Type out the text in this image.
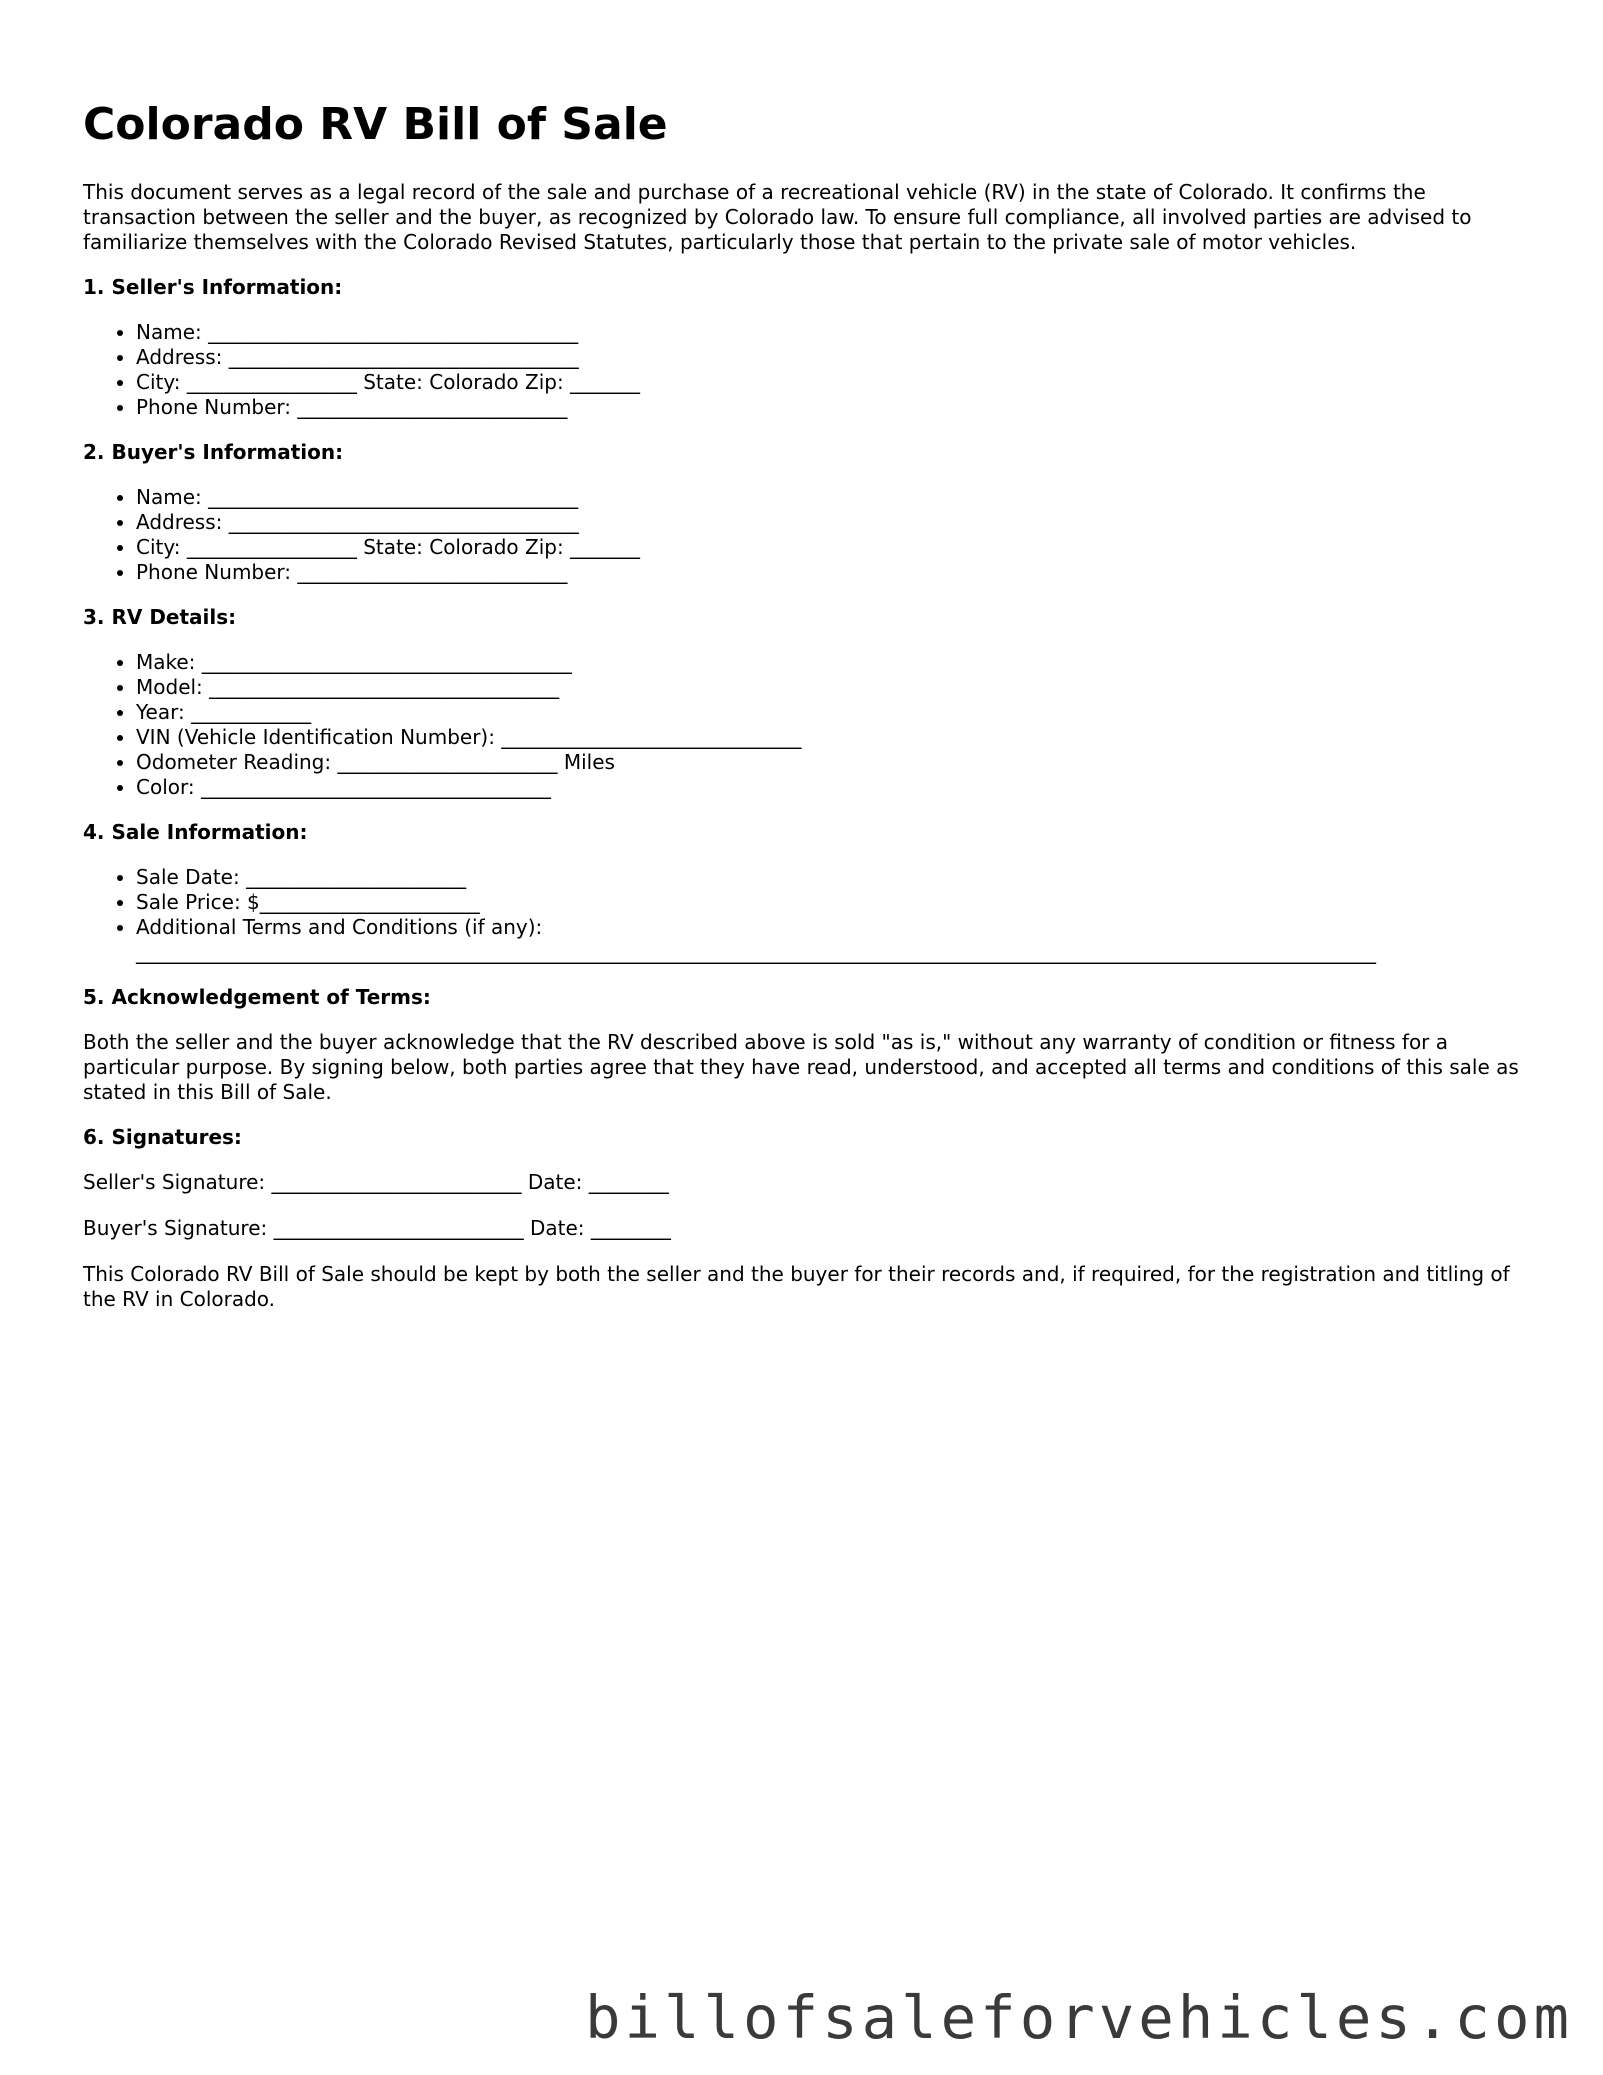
Colorado RV Bill of Sale

This document serves as a legal record of the sale and purchase of a recreational vehicle (RV) in the state of Colorado. It confirms the transaction between the seller and the buyer, as recognized by Colorado law. To ensure full compliance, all involved parties are advised to familiarize themselves with the Colorado Revised Statutes, particularly those that pertain to the private sale of motor vehicles.

1. Seller's Information:
• Name: _____________________________________
• Address: ___________________________________
• City: _________________ State: Colorado Zip: _______
• Phone Number: ___________________________
2. Buyer's Information:
• Name: _____________________________________
• Address: ___________________________________
• City: _________________ State: Colorado Zip: _______
• Phone Number: ___________________________
3. RV Details:
• Make: _____________________________________
• Model: ___________________________________
• Year: ____________
• VIN (Vehicle Identification Number): ______________________________
• Odometer Reading: ______________________ Miles
• Color: ___________________________________
4. Sale Information:
• Sale Date: ______________________
• Sale Price: $______________________
• Additional Terms and Conditions (if any):
____________________________________________________________________________________________________________________________
5. Acknowledgement of Terms:

Both the seller and the buyer acknowledge that the RV described above is sold "as is," without any warranty of condition or fitness for a particular purpose. By signing below, both parties agree that they have read, understood, and accepted all terms and conditions of this sale as stated in this Bill of Sale.

6. Signatures:
Seller's Signature: _________________________ Date: ________
Buyer's Signature: _________________________ Date: ________

This Colorado RV Bill of Sale should be kept by both the seller and the buyer for their records and, if required, for the registration and titling of the RV in Colorado.

billofsaleforvehicles.com
